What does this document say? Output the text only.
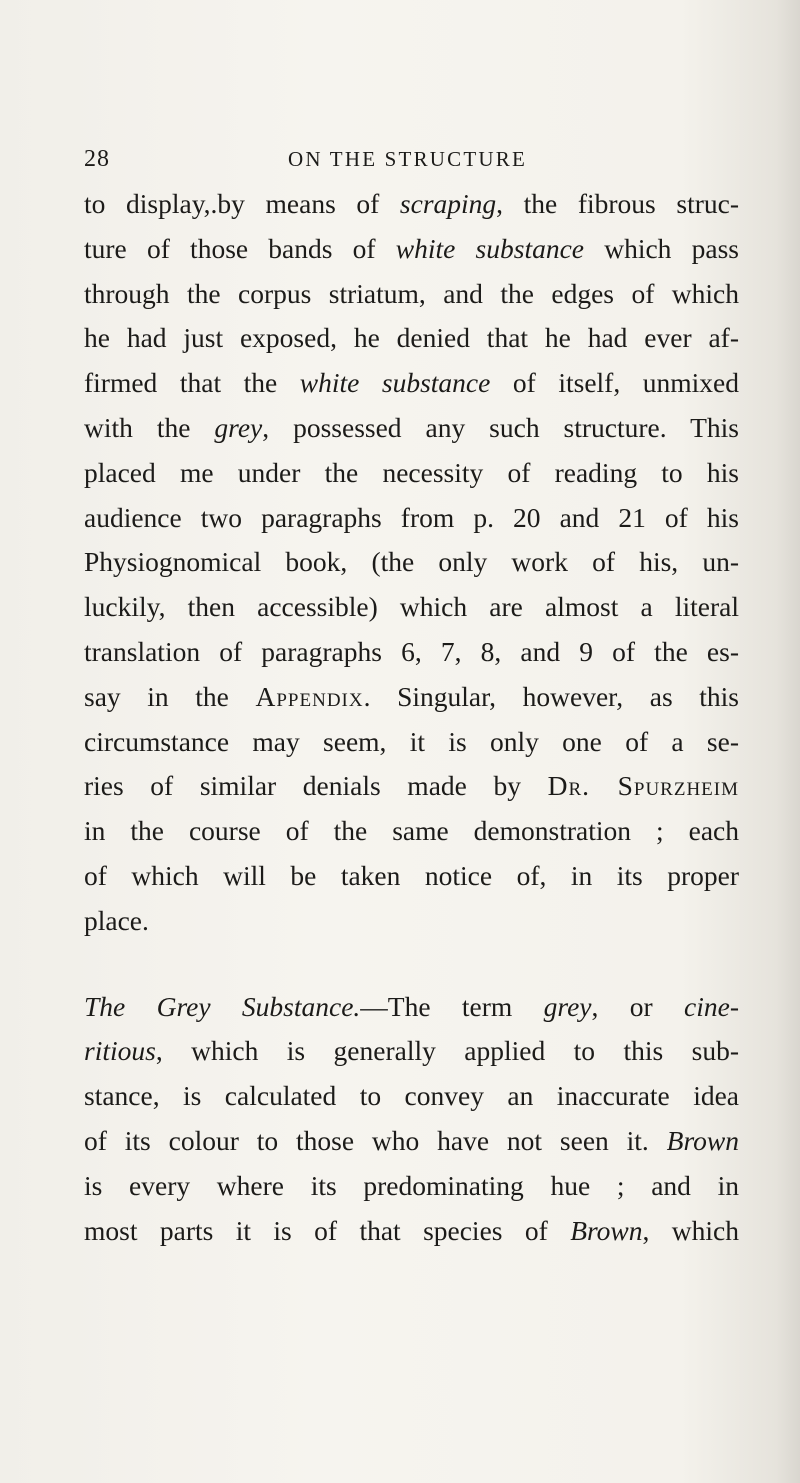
28	ON THE STRUCTURE
to display,.by means of scraping, the fibrous struc-
ture of those bands of white substance which pass
through the corpus striatum, and the edges of which
he had just exposed, he denied that he had ever af-
firmed that the white substance of itself, unmixed
with the grey, possessed any such structure. This
placed me under the necessity of reading to his
audience two paragraphs from p. 20 and 21 of his
Physiognomical book, (the only work of his, un-
luckily, then accessible) which are almost a literal
translation of paragraphs 6, 7, 8, and 9 of the es-
say in the Appendix. Singular, however, as this
circumstance may seem, it is only one of a se-
ries of similar denials made by Dr. Spurzheim
in the course of the same demonstration ; each
of which will be taken notice of, in its proper
place.
The Grey Substance.—The term grey, or cine-
ritious, which is generally applied to this sub-
stance, is calculated to convey an inaccurate idea
of its colour to those who have not seen it. Brown
is every where its predominating hue ; and in
most parts it is of that species of Brown, which
